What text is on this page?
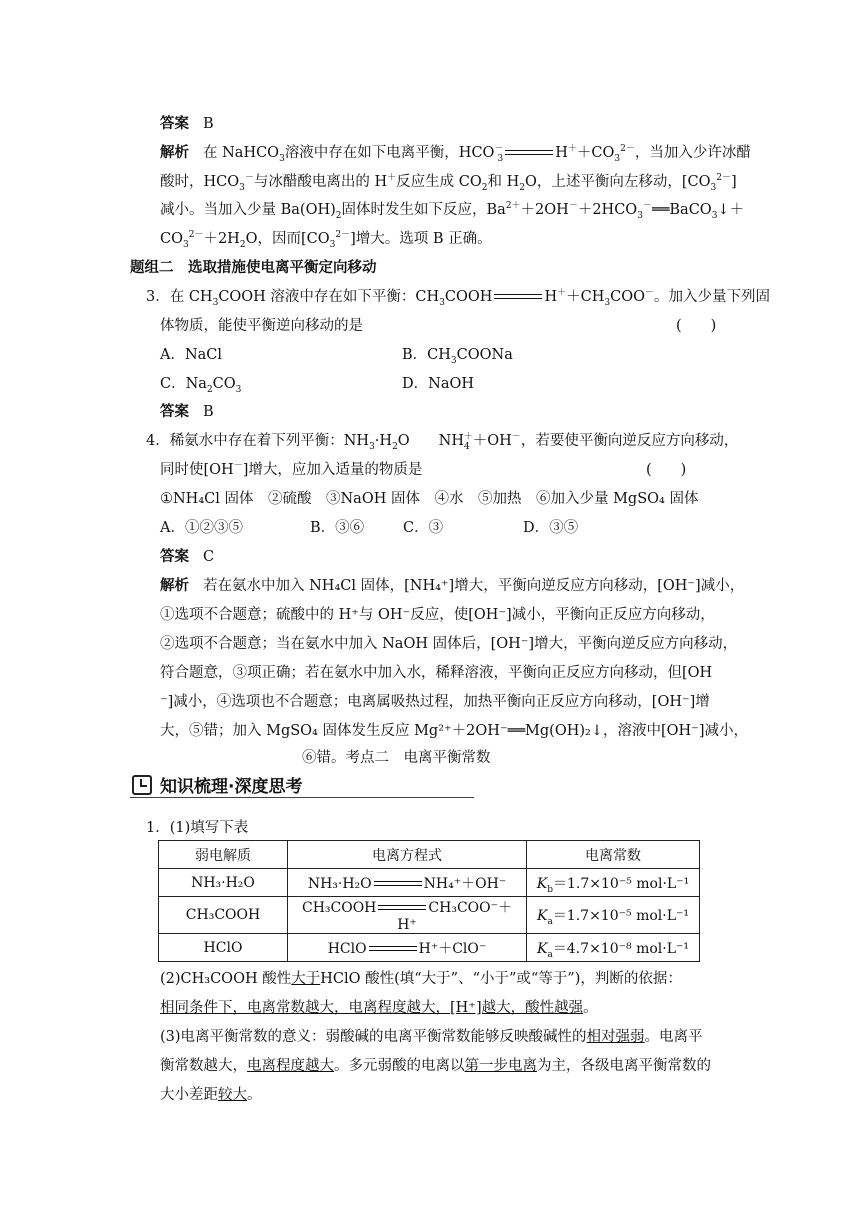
答案 B
解析 在 NaHCO$_3$溶液中存在如下电离平衡，$HCO^-_3$	$H^++CO_3^{2-}$，当加入少许冰醋
酸时，$HCO_3^-$与冰醋酸电离出的 H＋反应生成 $CO_2$和 $H_2O$，上述平衡向左移动，$[CO_3^{2-}]$
减小。当加入少量 $Ba(OH)_2$固体时发生如下反应，$Ba^{2+}+2OH^-+2HCO_3^-══BaCO_3↓+$
$CO_3^{2-}+2H_2O$，因而$[CO_3^{2-}]$增大。选项 B 正确。
题组二　选取措施使电离平衡定向移动
3．在 $CH_3COOH$ 溶液中存在如下平衡：$CH_3COOH$	$H^++CH_3COO^-$。加入少量下列固
体物质，能使平衡逆向移动的是	(　　)
A．NaCl	B．$CH_3COONa$
C．$Na_2CO_3$	D．NaOH
答案 B
4．稀氨水中存在着下列平衡：$NH_3\cdot H_2O$　　$NH_4^++OH^-$，若要使平衡向逆反应方向移动，
同时使[OH－]增大，应加入适量的物质是	(　　)
①NH₄Cl 固体　②硫酸　③NaOH 固体　④水　⑤加热　⑥加入少量 MgSO₄ 固体
A．①②③⑤	B．③⑥	C．③	D．③⑤
答案 C
解析 若在氨水中加入 NH₄Cl 固体，[NH₄⁺]增大，平衡向逆反应方向移动，[OH⁻]减小，
①选项不合题意；硫酸中的 H⁺与 OH⁻反应，使[OH⁻]减小，平衡向正反应方向移动，
②选项不合题意；当在氨水中加入 NaOH 固体后，[OH⁻]增大，平衡向逆反应方向移动，
符合题意，③项正确；若在氨水中加入水，稀释溶液，平衡向正反应方向移动，但[OH
⁻]减小，④选项也不合题意；电离属吸热过程，加热平衡向正反应方向移动，[OH⁻]增
大，⑤错；加入 MgSO₄ 固体发生反应 Mg²⁺＋2OH⁻══Mg(OH)₂↓，溶液中[OH⁻]减小，
⑥错。考点二　电离平衡常数
知识梳理·深度思考
1．(1)填写下表
弱电解质	电离方程式	电离常数
NH₃·H₂O	NH₃·H₂O NH₄⁺＋OH⁻	$K_b=1.7\times 10^{-5}$ mol·L⁻¹
CH₃COOH	CH₃COOH CH₃COO⁻＋H⁺	$K_a=1.7\times 10^{-5}$ mol·L⁻¹
HClO	HClO H⁺＋ClO⁻	$K_a=4.7\times 10^{-8}$ mol·L⁻¹
(2)CH₃COOH 酸性大于HClO 酸性(填“大于”、“小于”或“等于”)，判断的依据：
相同条件下，电离常数越大，电离程度越大，[H⁺]越大，酸性越强。
(3)电离平衡常数的意义：弱酸碱的电离平衡常数能够反映酸碱性的相对强弱。电离平
衡常数越大，电离程度越大。多元弱酸的电离以第一步电离为主，各级电离平衡常数的
大小差距较大。
